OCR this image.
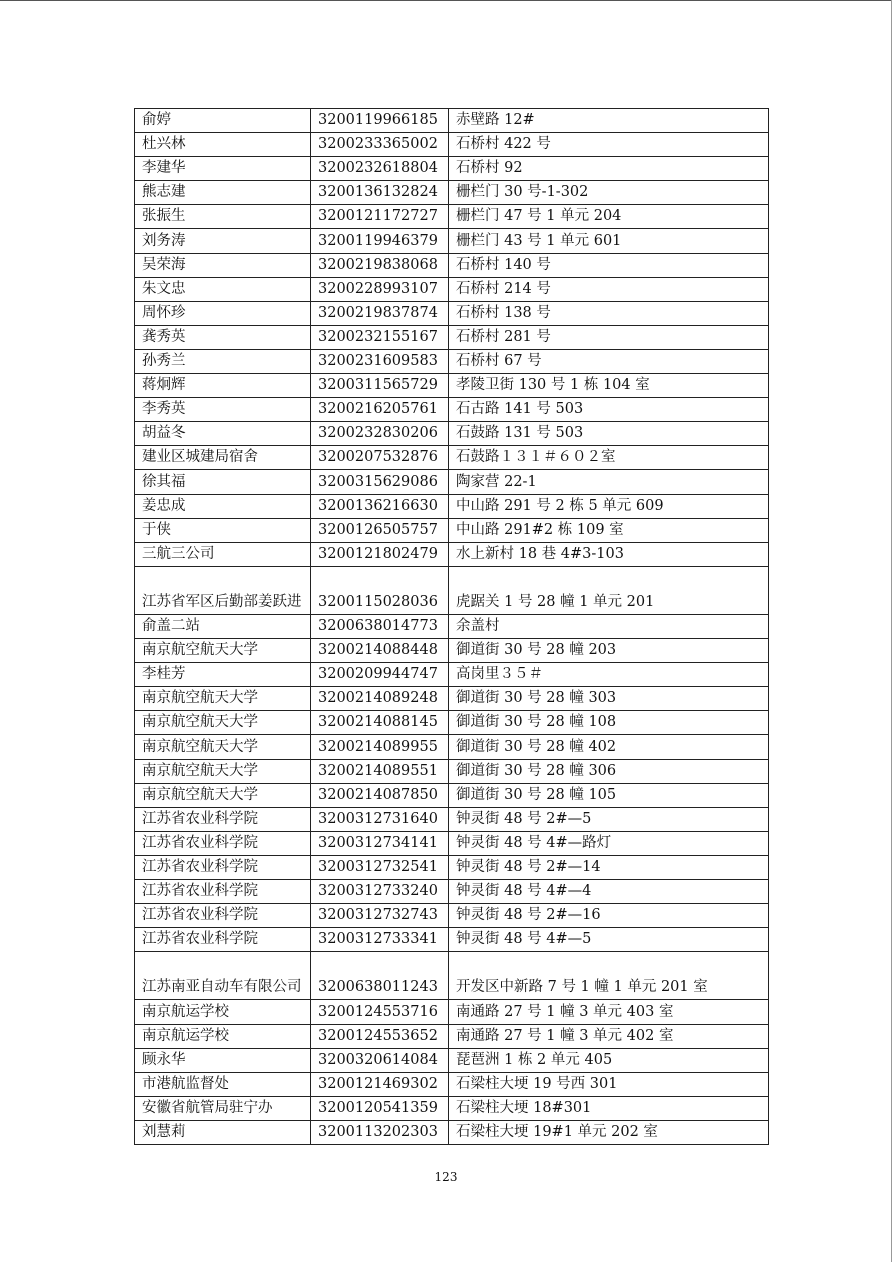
俞婷	3200119966185	赤壁路 12#
杜兴林	3200233365002	石桥村 422 号
李建华	3200232618804	石桥村 92
熊志建	3200136132824	栅栏门 30 号-1-302
张振生	3200121172727	栅栏门 47 号 1 单元 204
刘务涛	3200119946379	栅栏门 43 号 1 单元 601
吴荣海	3200219838068	石桥村 140 号
朱文忠	3200228993107	石桥村 214 号
周怀珍	3200219837874	石桥村 138 号
龚秀英	3200232155167	石桥村 281 号
孙秀兰	3200231609583	石桥村 67 号
蒋炯辉	3200311565729	孝陵卫街 130 号 1 栋 104 室
李秀英	3200216205761	石古路 141 号 503
胡益冬	3200232830206	石鼓路 131 号 503
建业区城建局宿舍	3200207532876	石鼓路１３１＃６０２室
徐其福	3200315629086	陶家营 22-1
姜忠成	3200136216630	中山路 291 号 2 栋 5 单元 609
于侠	3200126505757	中山路 291#2 栋 109 室
三航三公司	3200121802479	水上新村 18 巷 4#3-103
江苏省军区后勤部姜跃进	3200115028036	虎踞关 1 号 28 幢 1 单元 201
俞盖二站	3200638014773	余盖村
南京航空航天大学	3200214088448	御道街 30 号 28 幢 203
李桂芳	3200209944747	高岗里３５＃
南京航空航天大学	3200214089248	御道街 30 号 28 幢 303
南京航空航天大学	3200214088145	御道街 30 号 28 幢 108
南京航空航天大学	3200214089955	御道街 30 号 28 幢 402
南京航空航天大学	3200214089551	御道街 30 号 28 幢 306
南京航空航天大学	3200214087850	御道街 30 号 28 幢 105
江苏省农业科学院	3200312731640	钟灵街 48 号 2#—5
江苏省农业科学院	3200312734141	钟灵街 48 号 4#—路灯
江苏省农业科学院	3200312732541	钟灵街 48 号 2#—14
江苏省农业科学院	3200312733240	钟灵街 48 号 4#—4
江苏省农业科学院	3200312732743	钟灵街 48 号 2#—16
江苏省农业科学院	3200312733341	钟灵街 48 号 4#—5
江苏南亚自动车有限公司	3200638011243	开发区中新路 7 号 1 幢 1 单元 201 室
南京航运学校	3200124553716	南通路 27 号 1 幢 3 单元 403 室
南京航运学校	3200124553652	南通路 27 号 1 幢 3 单元 402 室
顾永华	3200320614084	琵琶洲 1 栋 2 单元 405
市港航监督处	3200121469302	石梁柱大埂 19 号西 301
安徽省航管局驻宁办	3200120541359	石梁柱大埂 18#301
刘慧莉	3200113202303	石梁柱大埂 19#1 单元 202 室
123
